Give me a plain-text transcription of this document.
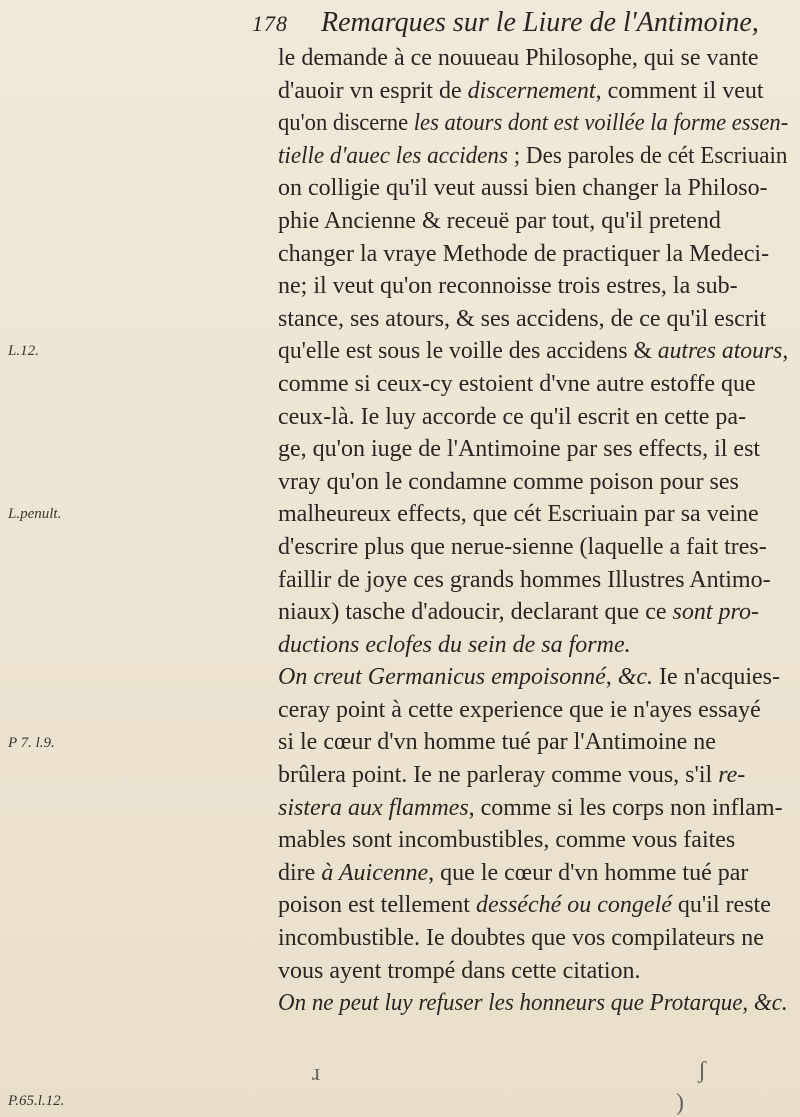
178 Remarques sur le Liure de l'Antimoine,
le demande à ce nouueau Philosophe, qui se vante
d'auoir vn esprit de discernement, comment il veut
qu'on discerne les atours dont est voillée la forme essen-
tielle d'auec les accidens ; Des paroles de cét Escriuain
on colligie qu'il veut aussi bien changer la Philoso-
phie Ancienne & receuë par tout, qu'il pretend
changer la vraye Methode de practiquer la Medeci-
ne; il veut qu'on reconnoisse trois estres, la sub-
stance, ses atours, & ses accidens, de ce qu'il escrit
qu'elle est sous le voille des accidens & autres atours,
comme si ceux-cy estoient d'vne autre estoffe que
ceux-là. Ie luy accorde ce qu'il escrit en cette pa-
ge, qu'on iuge de l'Antimoine par ses effects, il est
vray qu'on le condamne comme poison pour ses
malheureux effects, que cét Escriuain par sa veine
d'escrire plus que nerue-sienne (laquelle a fait tres-
faillir de joye ces grands hommes Illustres Antimo-
niaux) tasche d'adoucir, declarant que ce sont pro-
ductions eclofes du sein de sa forme.
On creut Germanicus empoisonné, &c. Ie n'acquies-
ceray point à cette experience que ie n'ayes essayé
si le cœur d'vn homme tué par l'Antimoine ne
brûlera point. Ie ne parleray comme vous, s'il re-
sistera aux flammes, comme si les corps non inflam-
mables sont incombustibles, comme vous faites
dire à Auicenne, que le cœur d'vn homme tué par
poison est tellement desséché ou congelé qu'il reste
incombustible. Ie doubtes que vos compilateurs ne
vous ayent trompé dans cette citation.
On ne peut luy refuser les honneurs que Protarque, &c.
L.12.
L.penult.
P 7. l.9.
P.65.l.12.
ɹ	ʃ
)
